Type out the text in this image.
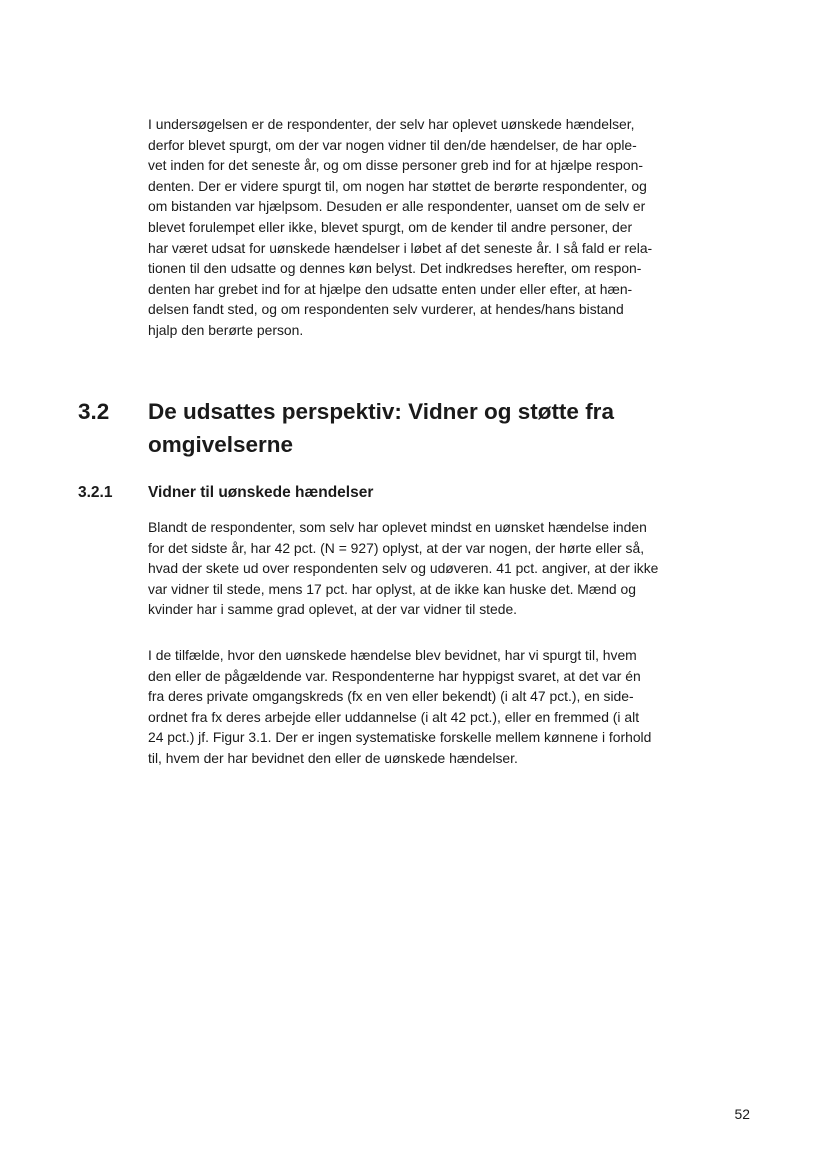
I undersøgelsen er de respondenter, der selv har oplevet uønskede hændelser,
derfor blevet spurgt, om der var nogen vidner til den/de hændelser, de har ople-
vet inden for det seneste år, og om disse personer greb ind for at hjælpe respon-
denten. Der er videre spurgt til, om nogen har støttet de berørte respondenter, og
om bistanden var hjælpsom. Desuden er alle respondenter, uanset om de selv er
blevet forulempet eller ikke, blevet spurgt, om de kender til andre personer, der
har været udsat for uønskede hændelser i løbet af det seneste år. I så fald er rela-
tionen til den udsatte og dennes køn belyst. Det indkredses herefter, om respon-
denten har grebet ind for at hjælpe den udsatte enten under eller efter, at hæn-
delsen fandt sted, og om respondenten selv vurderer, at hendes/hans bistand
hjalp den berørte person.

3.2 De udsattes perspektiv: Vidner og støtte fra
omgivelserne
3.2.1 Vidner til uønskede hændelser

Blandt de respondenter, som selv har oplevet mindst en uønsket hændelse inden
for det sidste år, har 42 pct. (N = 927) oplyst, at der var nogen, der hørte eller så,
hvad der skete ud over respondenten selv og udøveren. 41 pct. angiver, at der ikke
var vidner til stede, mens 17 pct. har oplyst, at de ikke kan huske det. Mænd og
kvinder har i samme grad oplevet, at der var vidner til stede.

I de tilfælde, hvor den uønskede hændelse blev bevidnet, har vi spurgt til, hvem
den eller de pågældende var. Respondenterne har hyppigst svaret, at det var én
fra deres private omgangskreds (fx en ven eller bekendt) (i alt 47 pct.), en side-
ordnet fra fx deres arbejde eller uddannelse (i alt 42 pct.), eller en fremmed (i alt
24 pct.) jf. Figur 3.1. Der er ingen systematiske forskelle mellem kønnene i forhold
til, hvem der har bevidnet den eller de uønskede hændelser.

52
